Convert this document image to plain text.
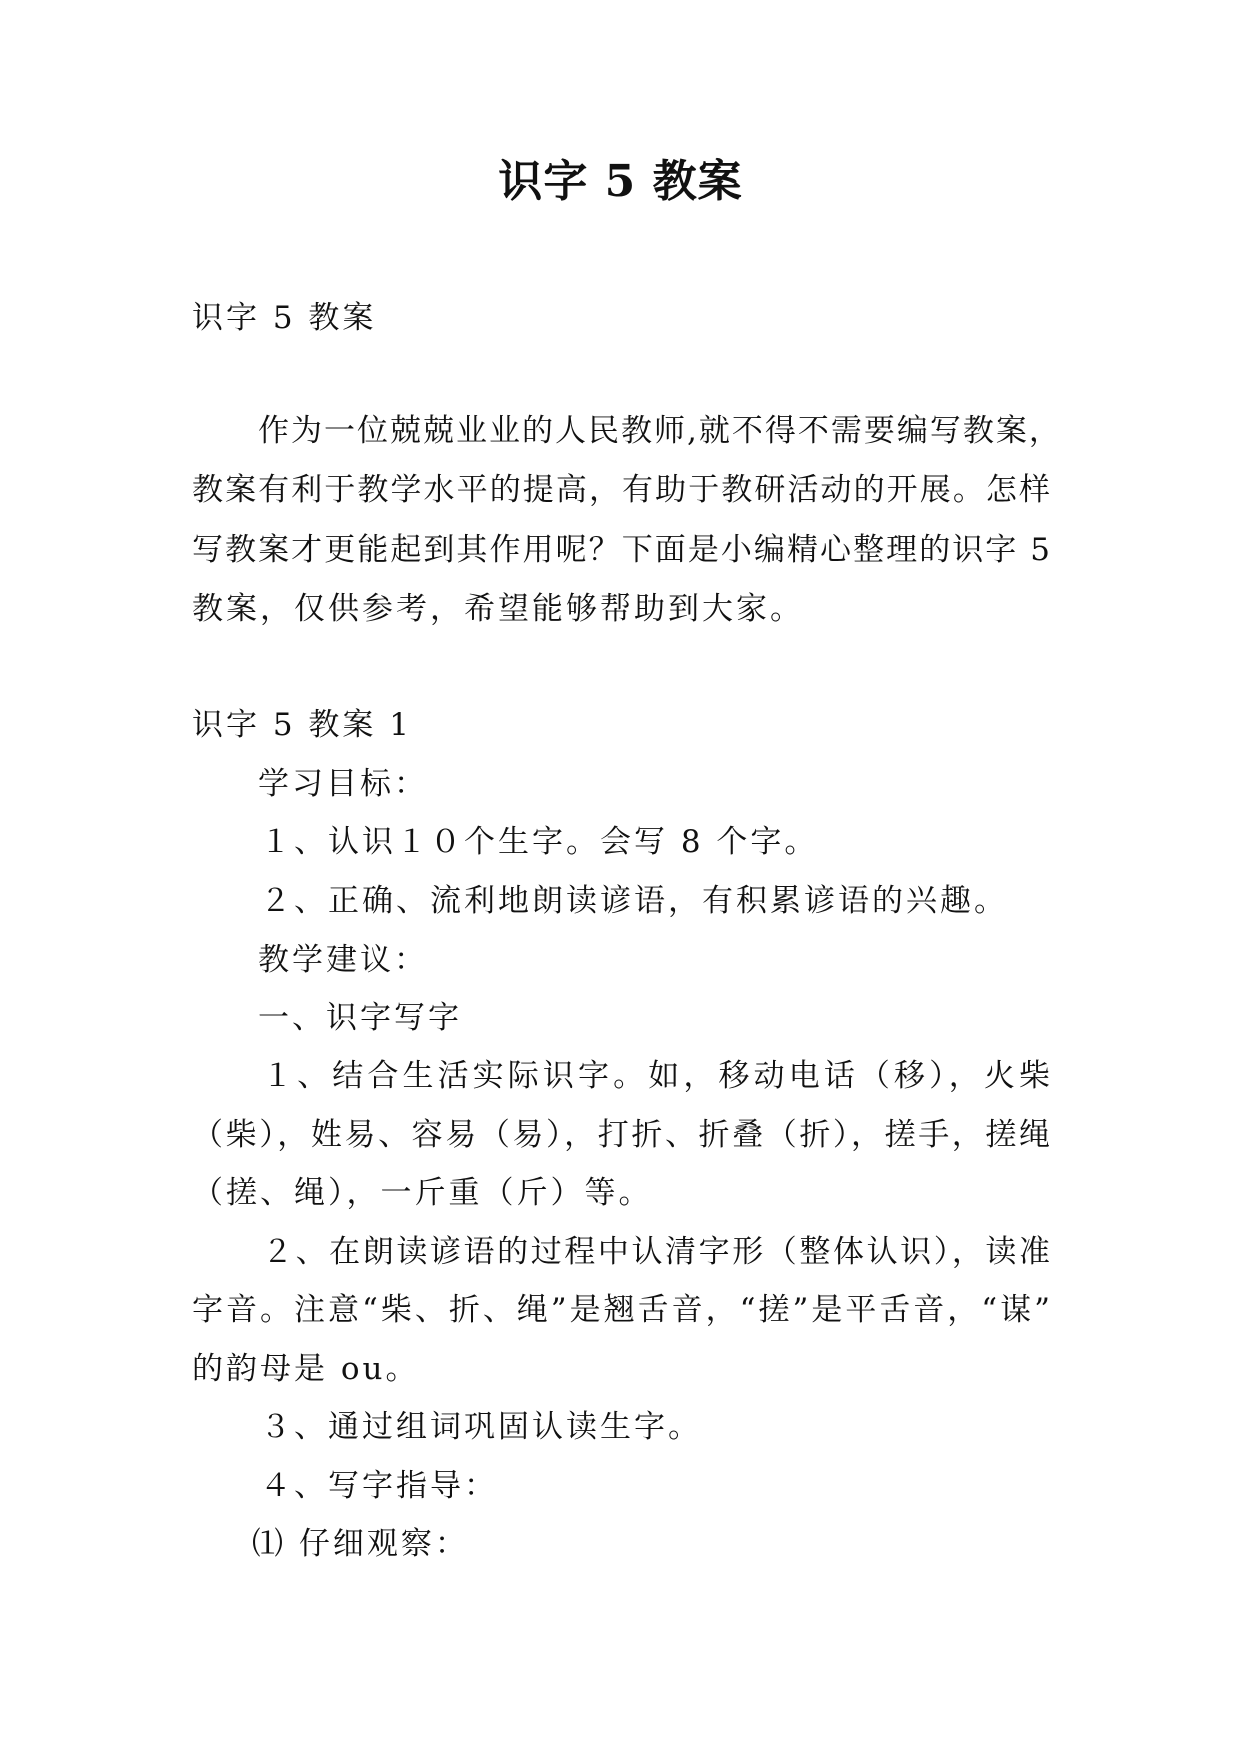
识字 5 教案
识字 5 教案
作为一位兢兢业业的人民教师,就不得不需要编写教案，
教案有利于教学水平的提高，有助于教研活动的开展。怎样
写教案才更能起到其作用呢？下面是小编精心整理的识字 5
教案，仅供参考，希望能够帮助到大家。
识字 5 教案 1
学习目标：
１、认识１０个生字。会写 8 个字。
２、正确、流利地朗读谚语，有积累谚语的兴趣。
教学建议：
一、识字写字
１、结合生活实际识字。如，移动电话（移），火柴
（柴），姓易、容易（易），打折、折叠（折），搓手，搓绳
（搓、绳），一斤重（斤）等。
２、在朗读谚语的过程中认清字形（整体认识），读准
字音。注意“柴、折、绳”是翘舌音，“搓”是平舌音，“谋”
的韵母是 ou。
３、通过组词巩固认读生字。
４、写字指导：
⑴ 仔细观察：
